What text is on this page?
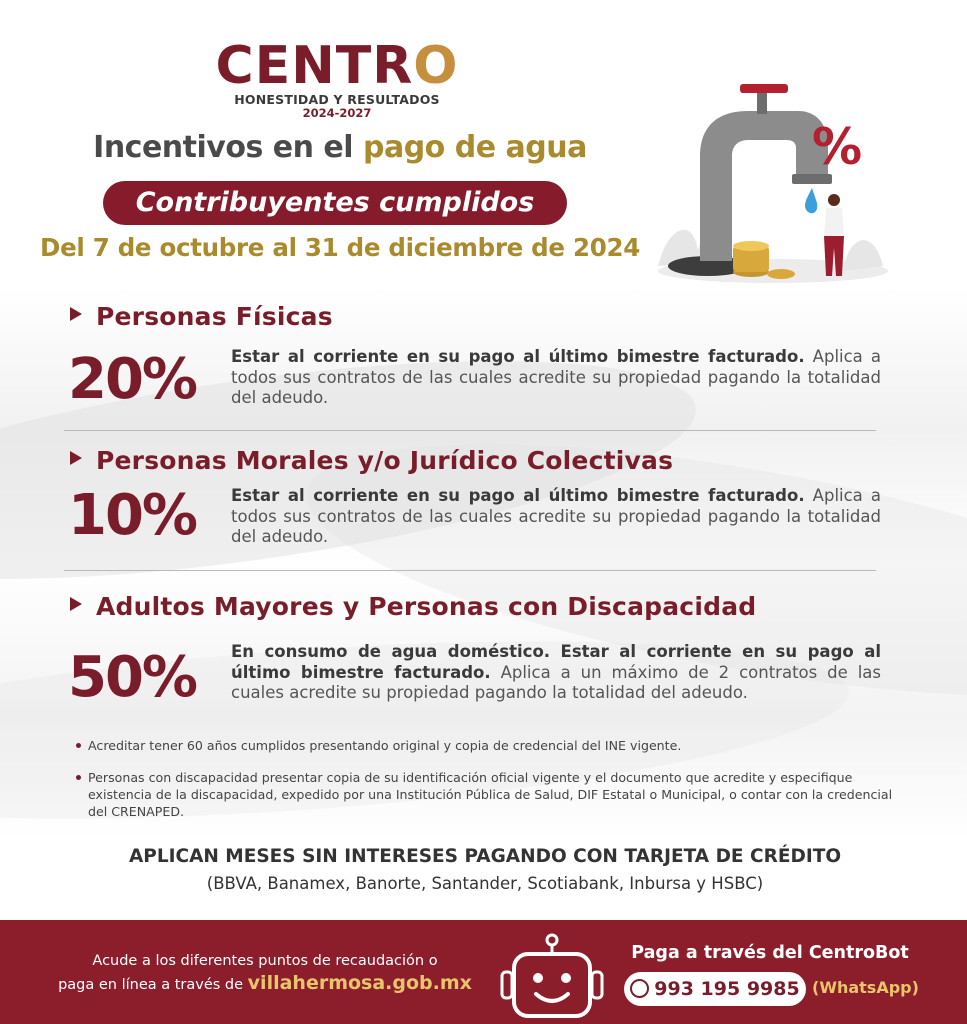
CENTRO
HONESTIDAD Y RESULTADOS
2024-2027
Incentivos en el pago de agua
Contribuyentes cumplidos
Del 7 de octubre al 31 de diciembre de 2024
%
Personas Físicas
20% Estar al corriente en su pago al último bimestre facturado. Aplica a todos sus contratos de las cuales acredite su propiedad pagando la totalidad del adeudo.
Personas Morales y/o Jurídico Colectivas
10% Estar al corriente en su pago al último bimestre facturado. Aplica a todos sus contratos de las cuales acredite su propiedad pagando la totalidad del adeudo.
Adultos Mayores y Personas con Discapacidad
50% En consumo de agua doméstico. Estar al corriente en su pago al último bimestre facturado. Aplica a un máximo de 2 contratos de las cuales acredite su propiedad pagando la totalidad del adeudo.
Acreditar tener 60 años cumplidos presentando original y copia de credencial del INE vigente.
Personas con discapacidad presentar copia de su identificación oficial vigente y el documento que acredite y especifique existencia de la discapacidad, expedido por una Institución Pública de Salud, DIF Estatal o Municipal, o contar con la credencial del CRENAPED.
APLICAN MESES SIN INTERESES PAGANDO CON TARJETA DE CRÉDITO
(BBVA, Banamex, Banorte, Santander, Scotiabank, Inbursa y HSBC)
Acude a los diferentes puntos de recaudación o
paga en línea a través de villahermosa.gob.mx
Paga a través del CentroBot
993 195 9985 (WhatsApp)
